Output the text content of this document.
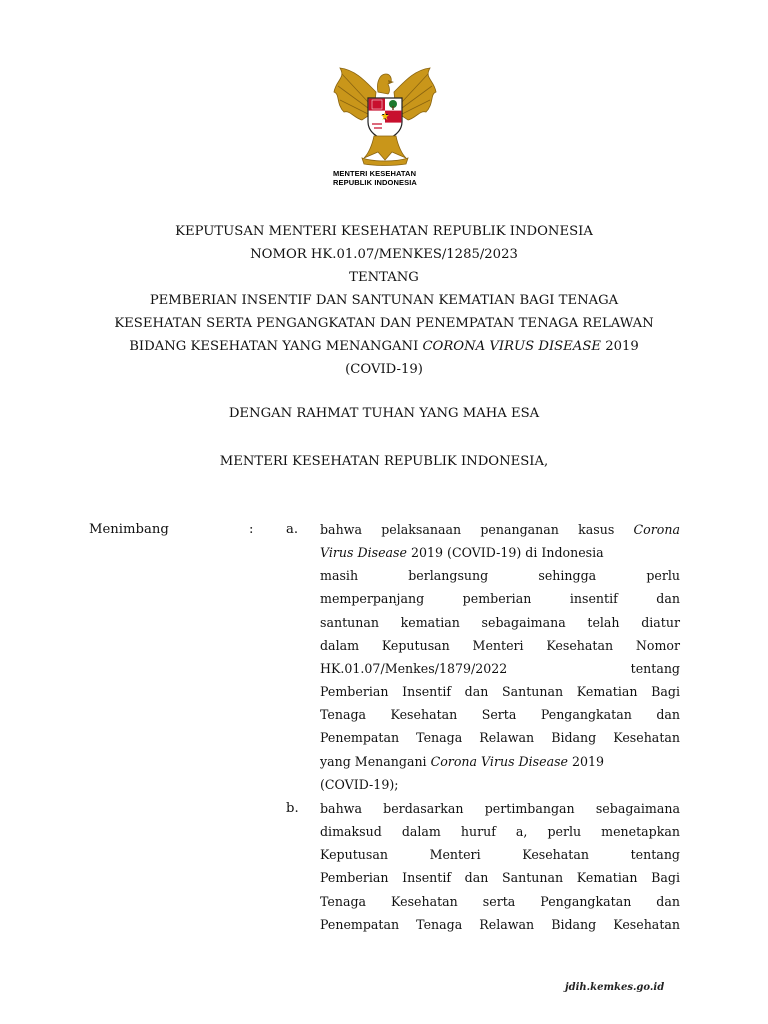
MENTERI KESEHATAN
REPUBLIK INDONESIA
KEPUTUSAN MENTERI KESEHATAN REPUBLIK INDONESIA
NOMOR HK.01.07/MENKES/1285/2023
TENTANG
PEMBERIAN INSENTIF DAN SANTUNAN KEMATIAN BAGI TENAGA
KESEHATAN SERTA PENGANGKATAN DAN PENEMPATAN TENAGA RELAWAN
BIDANG KESEHATAN YANG MENANGANI CORONA VIRUS DISEASE 2019
(COVID-19)
DENGAN RAHMAT TUHAN YANG MAHA ESA
MENTERI KESEHATAN REPUBLIK INDONESIA,
Menimbang	: a. bahwa pelaksanaan penanganan kasus Corona
Virus Disease 2019 (COVID-19) di Indonesia
masih berlangsung sehingga perlu
memperpanjang pemberian insentif dan
santunan kematian sebagaimana telah diatur
dalam Keputusan Menteri Kesehatan Nomor
HK.01.07/Menkes/1879/2022 tentang
Pemberian Insentif dan Santunan Kematian Bagi
Tenaga Kesehatan Serta Pengangkatan dan
Penempatan Tenaga Relawan Bidang Kesehatan
yang Menangani Corona Virus Disease 2019
(COVID-19);
b. bahwa berdasarkan pertimbangan sebagaimana
dimaksud dalam huruf a, perlu menetapkan
Keputusan Menteri Kesehatan tentang
Pemberian Insentif dan Santunan Kematian Bagi
Tenaga Kesehatan serta Pengangkatan dan
Penempatan Tenaga Relawan Bidang Kesehatan
jdih.kemkes.go.id
